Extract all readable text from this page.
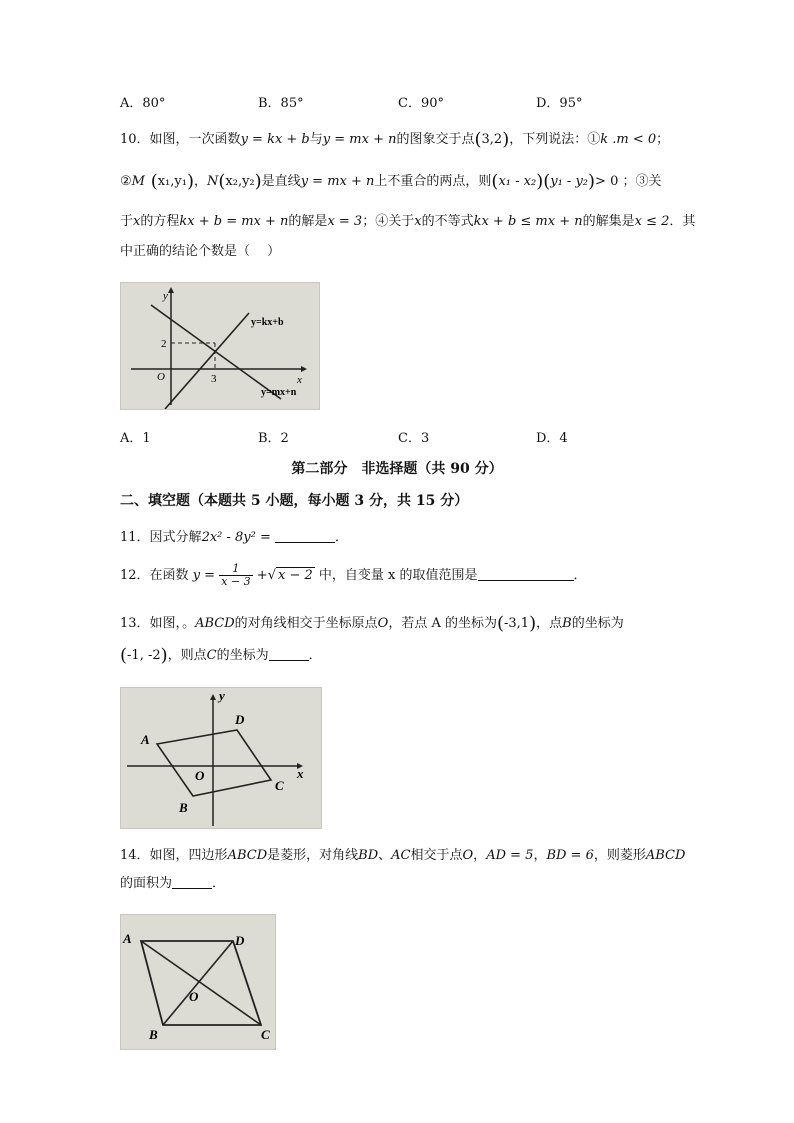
A．80°	B．85°	C．90°	D．95°
10．如图，一次函数y = kx + b与y = mx + n的图象交于点(3,2)，下列说法：①k .m < 0；
②M (x₁,y₁)，N(x₂,y₂)是直线y = mx + n上不重合的两点，则(x₁ - x₂)(y₁ - y₂)> 0 ；③关
于x的方程kx + b = mx + n的解是x = 3；④关于x的不等式kx + b ≤ mx + n的解集是x ≤ 2．其
中正确的结论个数是（　 ）
y
x
O
2
3
y=kx+b
y=mx+n
A．1	B．2	C．3	D．4
第二部分　非选择题（共 90 分）
二、填空题（本题共 5 小题，每小题 3 分，共 15 分）
11．因式分解2x² - 8y² =	．
12．在函数 $y = \frac{1}{x - 3}$ +√ x − 2 中，自变量 x 的取值范围是	．
13．如图，。ABCD的对角线相交于坐标原点O，若点 A 的坐标为(-3,1)，点B的坐标为
(-1, -2)，则点C的坐标为	．
y
x
A
D
C
B
O
14．如图，四边形ABCD是菱形，对角线BD、AC相交于点O，AD = 5，BD = 6，则菱形ABCD
的面积为	．
A	D
C
B
O
